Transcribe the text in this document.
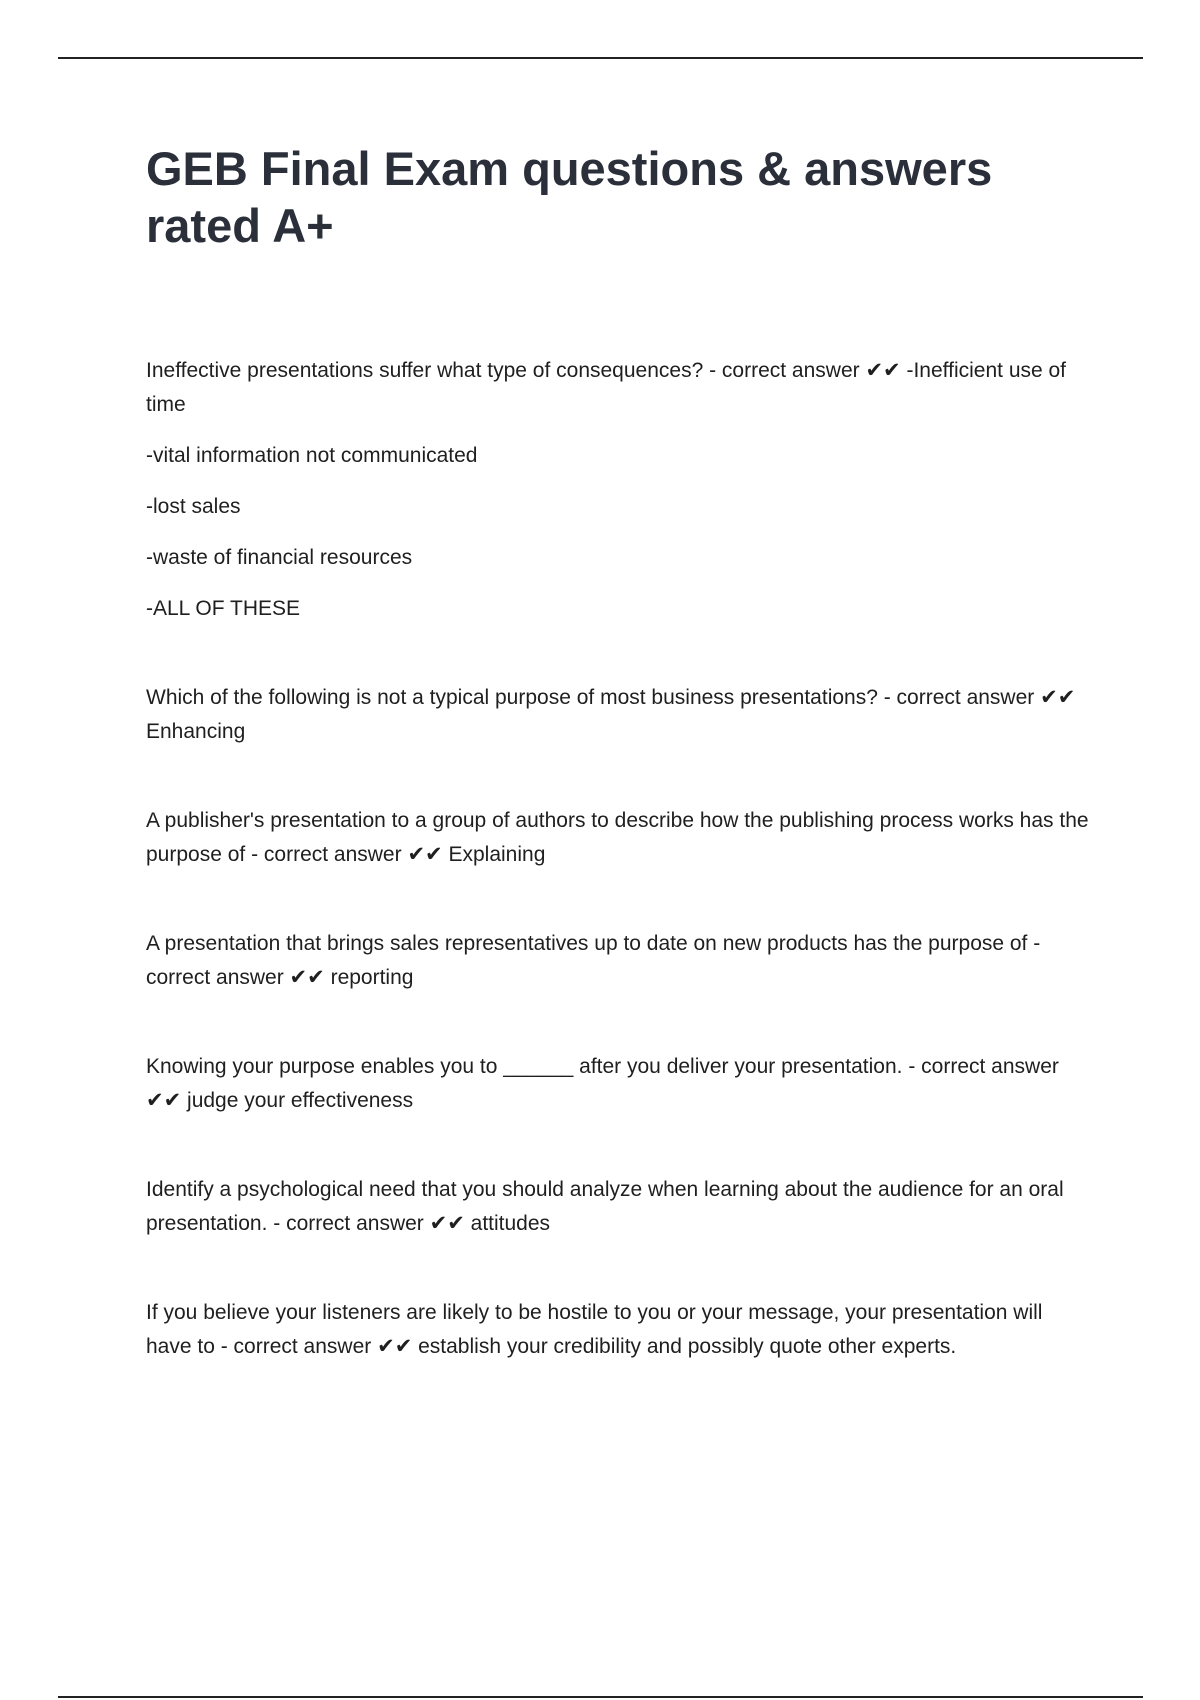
GEB Final Exam questions & answers rated A+

Ineffective presentations suffer what type of consequences? - correct answer ✔✔ -Inefficient use of time

-vital information not communicated

-lost sales

-waste of financial resources

-ALL OF THESE

Which of the following is not a typical purpose of most business presentations? - correct answer ✔✔ Enhancing

A publisher's presentation to a group of authors to describe how the publishing process works has the purpose of - correct answer ✔✔ Explaining

A presentation that brings sales representatives up to date on new products has the purpose of - correct answer ✔✔ reporting

Knowing your purpose enables you to ______ after you deliver your presentation. - correct answer ✔✔ judge your effectiveness

Identify a psychological need that you should analyze when learning about the audience for an oral presentation. - correct answer ✔✔ attitudes

If you believe your listeners are likely to be hostile to you or your message, your presentation will have to - correct answer ✔✔ establish your credibility and possibly quote other experts.
